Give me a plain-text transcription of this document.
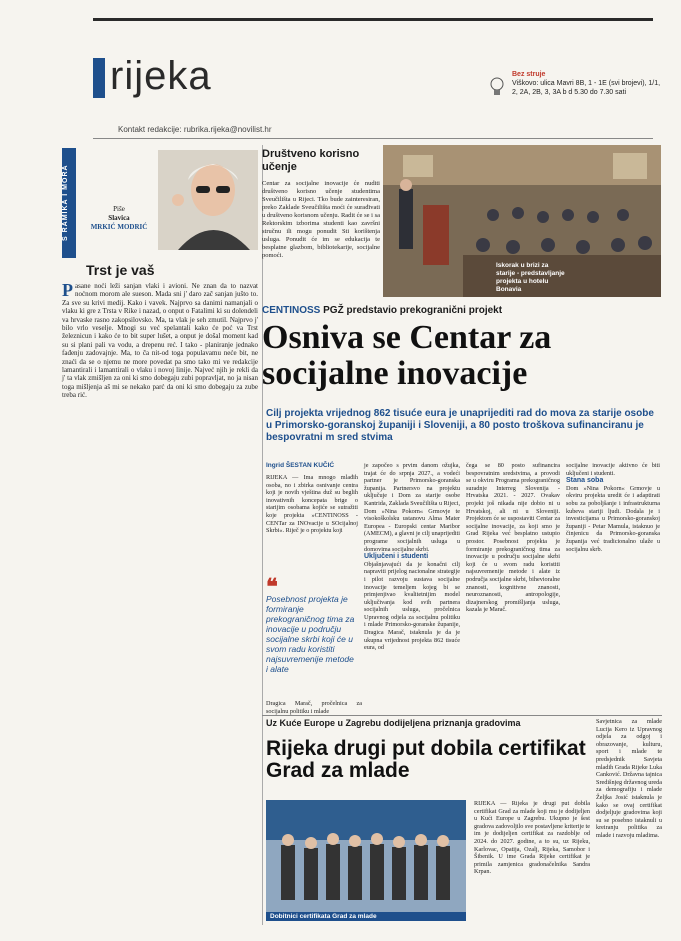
rijeka
Kontakt redakcije: rubrika.rijeka@novilist.hr
Bez struje
Viškovo: ulica Mavri 8B, 1 - 1E (svi brojevi), 1/1, 2, 2A, 2B, 3, 3A b d 5.30 do 7.30 sati
S RAMIKA I MORA	Piše
Slavica
MRKIĆ MODRIĆ
Trst je vaš
Pasane noći leži sanjan vlaki i avioni. Ne znan da to nazvat noćnom morom ale sueson. Mada sni j' daro zač sanjan jušto to. Za sve su krivi medij. Kako i vavek. Najprvo sa danimi namanjali o vlaku ki gre z Trsta v Rike i nazad, o onput o Fatalimi ki su dolendeli va hrvaske rasno zakopsilovsko. Ma, ta vlak je seh zmutil. Najprvo j' bilo vrlo veselje. Mnogi su već spelantali kako će poć va Trst železnicun i kako će to bit super lušet, a onput je došal moment kad su si plani pali va vodu, a drepenu reć. I tako - planiranje jednako fađenju zadovajnje. Ma, to ča nit-od toga populavamu neće bit, ne znaći da se o njemu ne more povedat pa smo tako mi ve redakcije lamantirali i lamantirali o vlaku i novoj linije. Najveć njih je rekli da j' ta vlak zmišljen za oni ki smo dobegaju zubi popravljat, no ja nisan toga mišljenja aš mi se nekako parć da oni ki smo dobegaju za zube treba rić.
Društveno korisno učenje
Centar za socijalne inovacije će nuditi društveno korisno učenje studentima Sveučilišta u Rijeci. Tko bude zainteresiran, preko Zaklade Sveučilišta moći će surađivati u društveno korisnom učenju. Radit će se i sa Rektorskim izborima studenti kao završni stručnu ili mogu ponudit Sti korištenja usluga. Ponudit će im se edukacija te besplatne glazbom, bibliotekarije, socijalne pomoći.
Iskorak u brizi za starije - predstavljanje projekta u hotelu Bonavia
CENTINOSS PGŽ predstavio prekogranični projekt
Osniva se Centar za socijalne inovacije
Cilj projekta vrijednog 862 tisuće eura je unaprijediti rad do mova za starije osobe u Primorsko-goranskoj županiji i Sloveniji, a 80 posto troškova sufinanciranu je bespovratni m sred stvima
Ingrid ŠESTAN KUČIĆ
RIJEKA — Ima mnogo mlađih osoba, no i zbirka osnivanje centra koji je novih vještina duž su beglih inovativnih koncepata brige o starijim osobama kojiće se sutražiti koje projekta »CENTINOSS - CENTar za INOvacije u SOcijalnoj Skrbi«. Riječ je o projektu koji
❝
Posebnost projekta je formiranje prekograničnog tima za inovacije u području socijalne skrbi koji će u svom radu koristiti najsuvremenije metode i alate
Dragica Marač, pročelnica za socijalnu politiku i mlade
je započeo s prvim danom ožujka, trajat će do srpnja 2027., a vodeći partner je Primorsko-goranska županija. Partnersvo na projektu uključuje i Dom za starije osobe Kantrida, Zaklada Sveučilišta u Rijeci, Dom »Nina Pokorn« Grmovje te visokoškolsku ustanovu Alma Mater Europea - Europski centar Maribor (AMECM), a glavni je cilj unaprijediti programe socijalnih usluga u domovima socijalne skrbi.
Uključeni i studenti
Objašnjavajući da je konačni cilj napraviti prijelog nacionalne strategije i pilot razvoju sustava socijalne inovacije temeljem kojeg bi se primjenjivao kvalitetnijim model uključivanja kod svih partnera socijalnih usluga, pročelnica Upravnog odjela za socijalnu politiku i mlade Primorsko-goranske županije, Dragica Marač, istaknula je da je ukupna vrijednost projekta 862 tisuće eura, od
čega se 80 posto sufinancira bespovratnim sredstvima, a provodi se u okviru Programa prekograničnog suradnje Interreg Slovenija - Hrvatska 2021. - 2027. Ovakav projekt još nikada nije dobio ni u Hrvatskoj, ali ni u Sloveniji. Projektom će se uspostaviti Centar za socijalne inovacije, za koji smo je Grad Rijeka već besplatno ustupio prostor. Posebnost projekta je formiranje prekograničnog tima za inovacije u području socijalne skrbi koji će u svom radu koristiti najsuvremenije metode i alate iz područja socijalne skrbi, bihevioralne znanosti, kognitivne znanosti, neuroznanosti, antropologije, dizajnerskog promišljanja usluga, kazala je Marač.
socijalne inovacije aktivno će biti uključeni i studenti.
Stana soba
Dom »Nina Pokorn« Grmovje u okviru projekta uredit će i adaptirati sobu za poboljšanje i infrastrukturna kubeva stariji ljudi. Dodala je i investicijama u Primorsko-goranskoj županiji - Petar Mamula, istaknuo je činjenicu da Primorsko-goranska županija već tradicionalno ulaže u socijalnu skrb.
Uz Kuće Europe u Zagrebu dodijeljena priznanja gradovima
Rijeka drugi put dobila certifikat Grad za mlade
Dobitnici certifikata Grad za mlade
RIJEKA — Rijeka je drugi put dobila certifikat Grad za mlade koji mu je dodijeljen u Kući Europe u Zagrebu. Ukupno je šest gradova zadovoljilo sve postavljene kriterije te im je dodijeljen certifikat za razdoblje od 2024. do 2027. godine, a to su, uz Rijeku, Karlovac, Opatija, Ozalj, Rijeka, Samobor i Šibenik. U ime Grada Rijeke certifikat je primila zamjenica gradonačelnika Sandra Krpan.
Savjetnica za mlade Lucija Kero iz Upravnog odjela za odgoj i obrazovanje, kulturu, sport i mlade te predsjednik Savjeta mladih Grada Rijeke Luka Canković. Državna tajnica Središnjeg državnog ureda za demografiju i mlade Željka Josić istaknula je kako se ovaj certifikat dodjeljuje gradovima koji su se posebno istaknuli u kreiranju politika za mlade i razvoju mladima.
